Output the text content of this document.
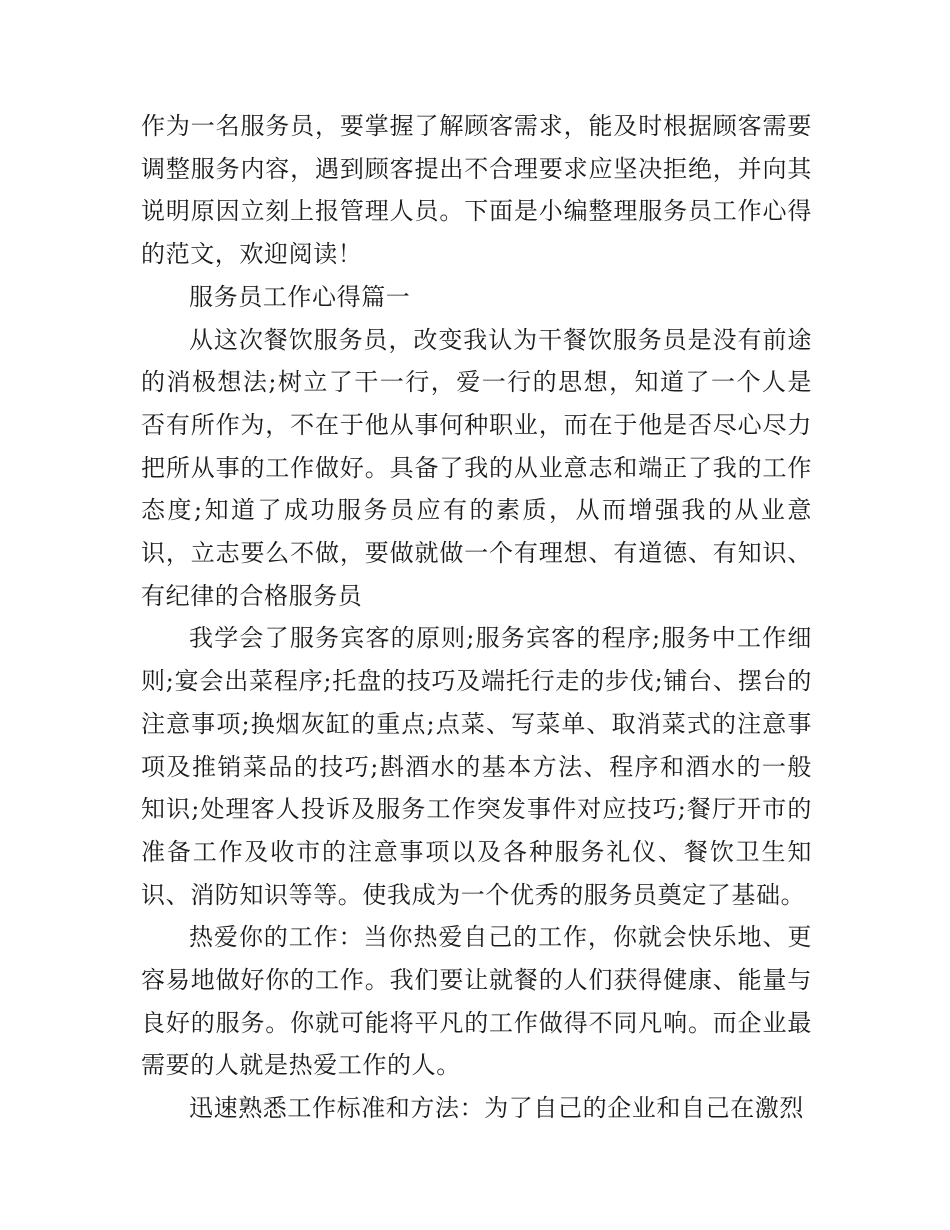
作为一名服务员，要掌握了解顾客需求，能及时根据顾客需要调整服务内容，遇到顾客提出不合理要求应坚决拒绝，并向其说明原因立刻上报管理人员。下面是小编整理服务员工作心得的范文，欢迎阅读！

服务员工作心得篇一

从这次餐饮服务员，改变我认为干餐饮服务员是没有前途的消极想法;树立了干一行，爱一行的思想，知道了一个人是否有所作为，不在于他从事何种职业，而在于他是否尽心尽力把所从事的工作做好。具备了我的从业意志和端正了我的工作态度;知道了成功服务员应有的素质，从而增强我的从业意识，立志要么不做，要做就做一个有理想、有道德、有知识、有纪律的合格服务员

我学会了服务宾客的原则;服务宾客的程序;服务中工作细则;宴会出菜程序;托盘的技巧及端托行走的步伐;铺台、摆台的注意事项;换烟灰缸的重点;点菜、写菜单、取消菜式的注意事项及推销菜品的技巧;斟酒水的基本方法、程序和酒水的一般知识;处理客人投诉及服务工作突发事件对应技巧;餐厅开市的准备工作及收市的注意事项以及各种服务礼仪、餐饮卫生知识、消防知识等等。使我成为一个优秀的服务员奠定了基础。

热爱你的工作：当你热爱自己的工作，你就会快乐地、更容易地做好你的工作。我们要让就餐的人们获得健康、能量与良好的服务。你就可能将平凡的工作做得不同凡响。而企业最需要的人就是热爱工作的人。

迅速熟悉工作标准和方法：为了自己的企业和自己在激烈
